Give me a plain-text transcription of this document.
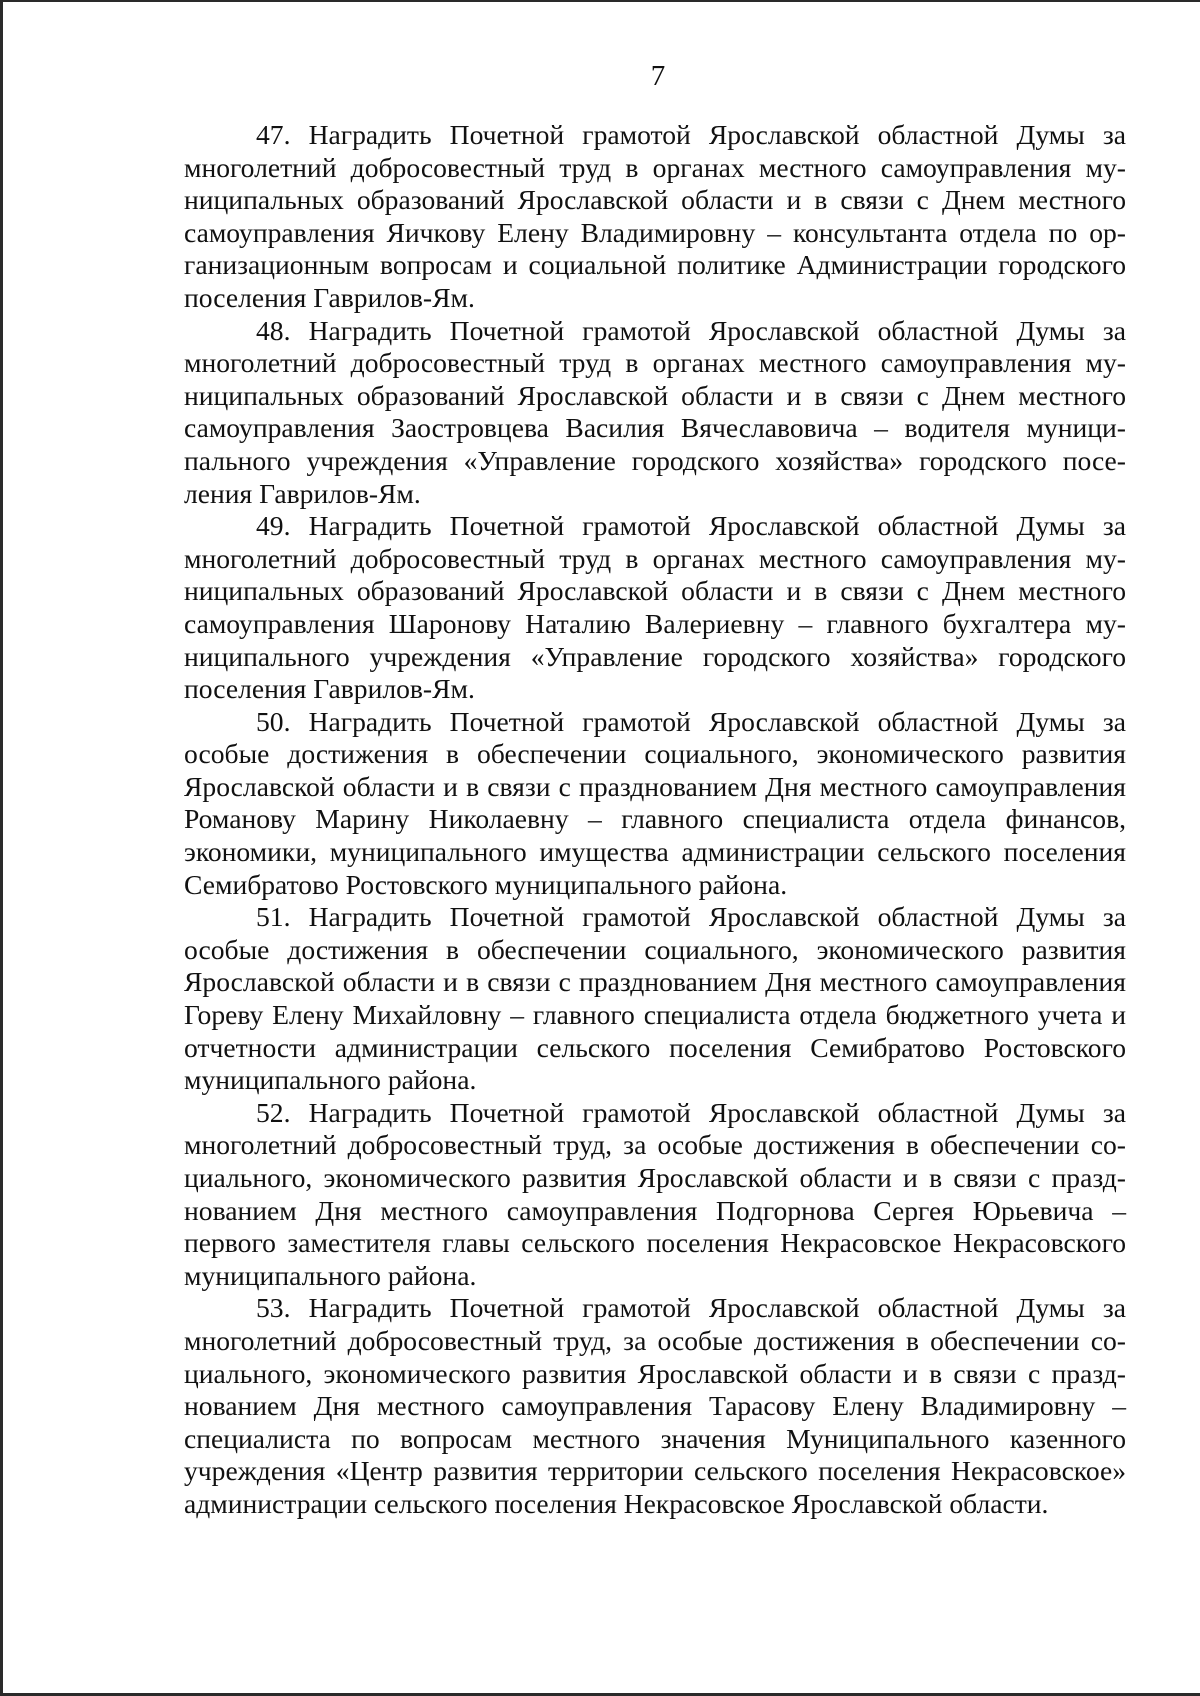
7

47. Наградить Почетной грамотой Ярославской областной Думы за многолетний добросовестный труд в органах местного самоуправления муниципальных образований Ярославской области и в связи с Днем местного самоуправления Яичкову Елену Владимировну – консультанта отдела по организационным вопросам и социальной политике Администрации городского поселения Гаврилов-Ям.

48. Наградить Почетной грамотой Ярославской областной Думы за многолетний добросовестный труд в органах местного самоуправления муниципальных образований Ярославской области и в связи с Днем местного самоуправления Заостровцева Василия Вячеславовича – водителя муниципального учреждения «Управление городского хозяйства» городского поселения Гаврилов-Ям.

49. Наградить Почетной грамотой Ярославской областной Думы за многолетний добросовестный труд в органах местного самоуправления муниципальных образований Ярославской области и в связи с Днем местного самоуправления Шаронову Наталию Валериевну – главного бухгалтера муниципального учреждения «Управление городского хозяйства» городского поселения Гаврилов-Ям.

50. Наградить Почетной грамотой Ярославской областной Думы за особые достижения в обеспечении социального, экономического развития Ярославской области и в связи с празднованием Дня местного самоуправления Романову Марину Николаевну – главного специалиста отдела финансов, экономики, муниципального имущества администрации сельского поселения Семибратово Ростовского муниципального района.

51. Наградить Почетной грамотой Ярославской областной Думы за особые достижения в обеспечении социального, экономического развития Ярославской области и в связи с празднованием Дня местного самоуправления Гореву Елену Михайловну – главного специалиста отдела бюджетного учета и отчетности администрации сельского поселения Семибратово Ростовского муниципального района.

52. Наградить Почетной грамотой Ярославской областной Думы за многолетний добросовестный труд, за особые достижения в обеспечении социального, экономического развития Ярославской области и в связи с празднованием Дня местного самоуправления Подгорнова Сергея Юрьевича – первого заместителя главы сельского поселения Некрасовское Некрасовского муниципального района.

53. Наградить Почетной грамотой Ярославской областной Думы за многолетний добросовестный труд, за особые достижения в обеспечении социального, экономического развития Ярославской области и в связи с празднованием Дня местного самоуправления Тарасову Елену Владимировну – специалиста по вопросам местного значения Муниципального казенного учреждения «Центр развития территории сельского поселения Некрасовское» администрации сельского поселения Некрасовское Ярославской области.
